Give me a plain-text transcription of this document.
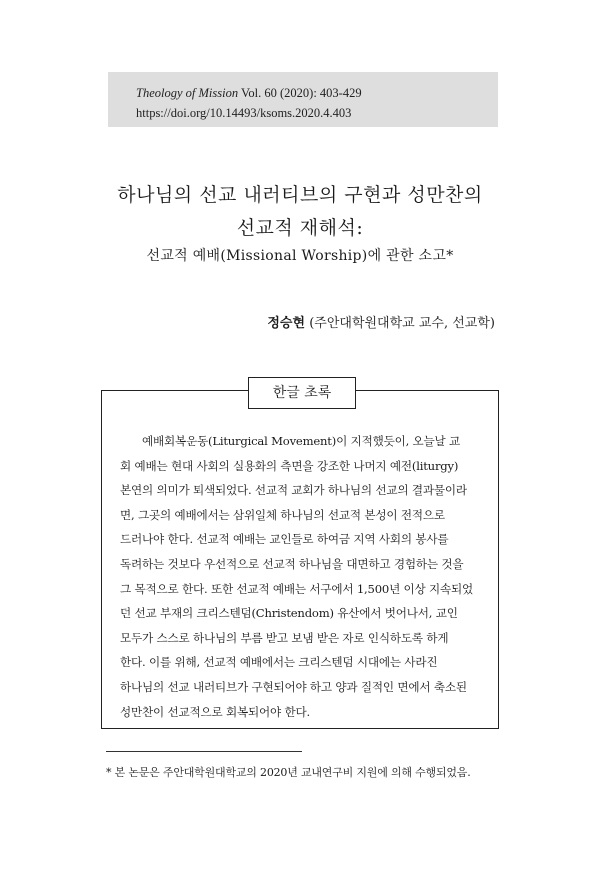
Theology of Mission Vol. 60 (2020): 403-429
https://doi.org/10.14493/ksoms.2020.4.403
하나님의 선교 내러티브의 구현과 성만찬의
선교적 재해석:
선교적 예배(Missional Worship)에 관한 소고*
정승현 (주안대학원대학교 교수, 선교학)
한글 초록
예배회복운동(Liturgical Movement)이 지적했듯이, 오늘날 교
회 예배는 현대 사회의 실용화의 측면을 강조한 나머지 예전(liturgy)
본연의 의미가 퇴색되었다. 선교적 교회가 하나님의 선교의 결과물이라
면, 그곳의 예배에서는 삼위일체 하나님의 선교적 본성이 전적으로
드러나야 한다. 선교적 예배는 교인들로 하여금 지역 사회의 봉사를
독려하는 것보다 우선적으로 선교적 하나님을 대면하고 경험하는 것을
그 목적으로 한다. 또한 선교적 예배는 서구에서 1,500년 이상 지속되었
던 선교 부재의 크리스텐덤(Christendom) 유산에서 벗어나서, 교인
모두가 스스로 하나님의 부름 받고 보냄 받은 자로 인식하도록 하게
한다. 이를 위해, 선교적 예배에서는 크리스텐덤 시대에는 사라진
하나님의 선교 내러티브가 구현되어야 하고 양과 질적인 면에서 축소된
성만찬이 선교적으로 회복되어야 한다.
* 본 논문은 주안대학원대학교의 2020년 교내연구비 지원에 의해 수행되었음.
